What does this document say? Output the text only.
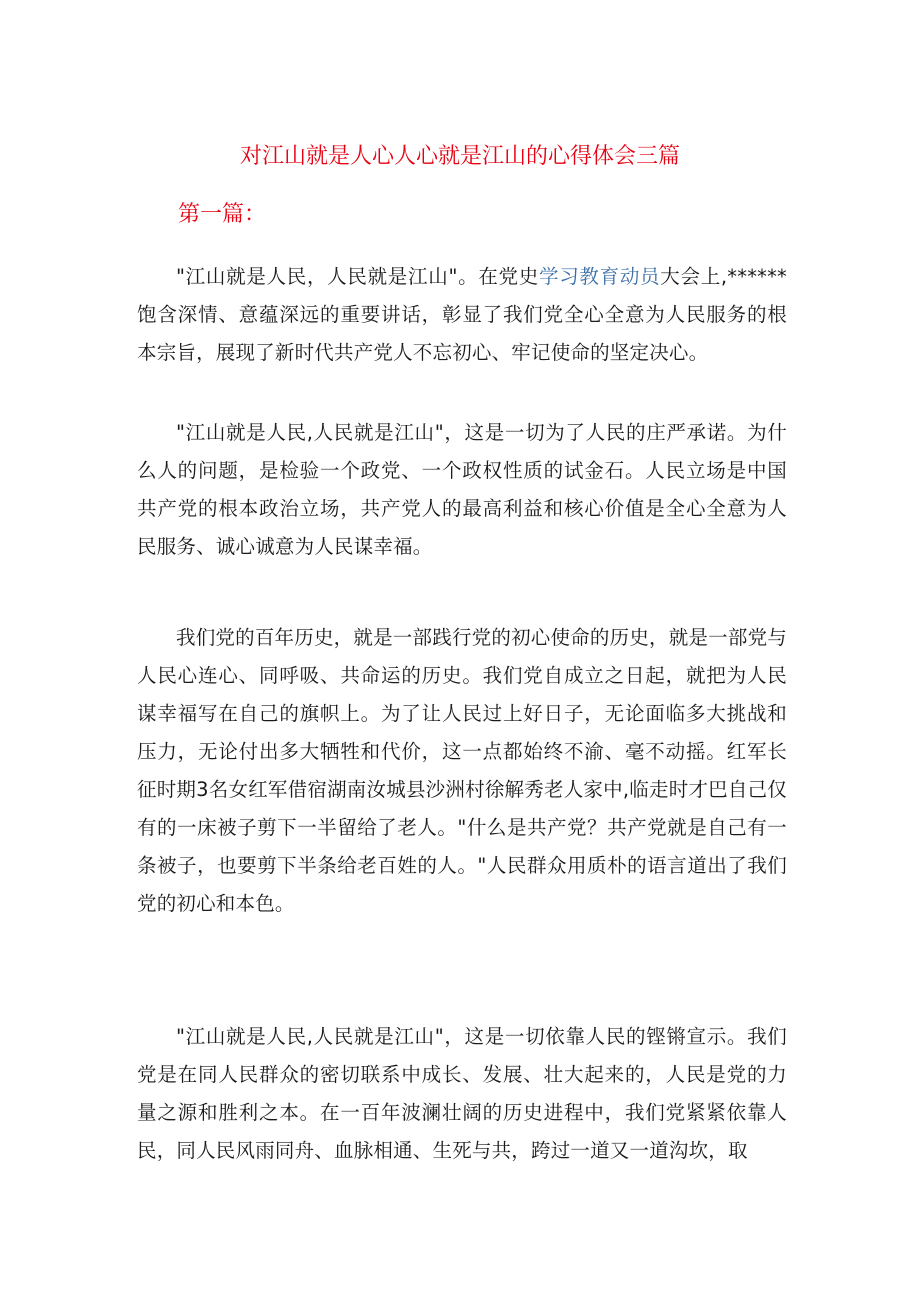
对江山就是人心人心就是江山的心得体会三篇
第一篇：

"江山就是人民，人民就是江山"。在党史学习教育动员大会上,******饱含深情、意蕴深远的重要讲话，彰显了我们党全心全意为人民服务的根本宗旨，展现了新时代共产党人不忘初心、牢记使命的坚定决心。

"江山就是人民,人民就是江山"，这是一切为了人民的庄严承诺。为什么人的问题，是检验一个政党、一个政权性质的试金石。人民立场是中国共产党的根本政治立场，共产党人的最高利益和核心价值是全心全意为人民服务、诚心诚意为人民谋幸福。

我们党的百年历史，就是一部践行党的初心使命的历史，就是一部党与人民心连心、同呼吸、共命运的历史。我们党自成立之日起，就把为人民谋幸福写在自己的旗帜上。为了让人民过上好日子，无论面临多大挑战和压力，无论付出多大牺牲和代价，这一点都始终不渝、毫不动摇。红军长征时期3名女红军借宿湖南汝城县沙洲村徐解秀老人家中,临走时才巴自己仅有的一床被子剪下一半留给了老人。"什么是共产党？共产党就是自己有一条被子，也要剪下半条给老百姓的人。"人民群众用质朴的语言道出了我们党的初心和本色。

"江山就是人民,人民就是江山"，这是一切依靠人民的铿锵宣示。我们党是在同人民群众的密切联系中成长、发展、壮大起来的，人民是党的力量之源和胜利之本。在一百年波澜壮阔的历史进程中，我们党紧紧依靠人民，同人民风雨同舟、血脉相通、生死与共，跨过一道又一道沟坎，取
